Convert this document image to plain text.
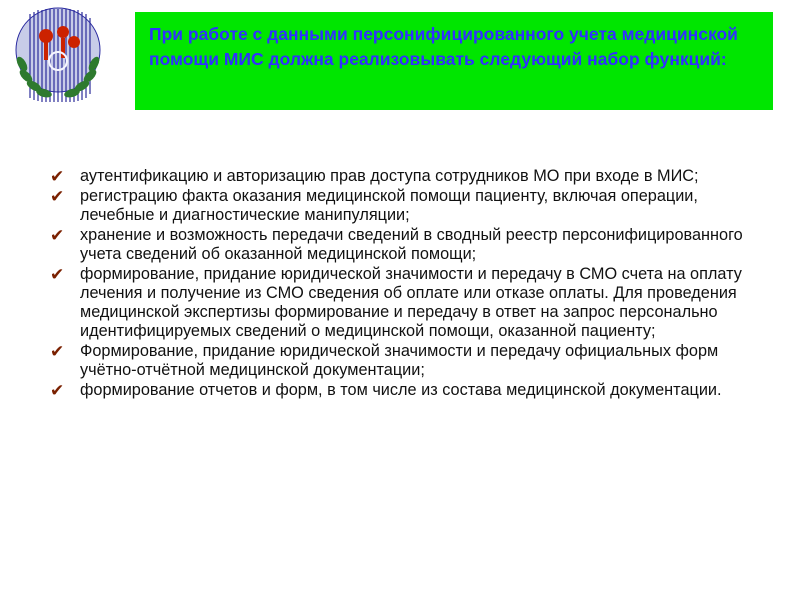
При работе с данными персонифицированного учета медицинской помощи МИС должна реализовывать следующий набор функций:

✔ аутентификацию и авторизацию прав доступа сотрудников МО при входе в МИС;
✔ регистрацию факта оказания медицинской помощи пациенту, включая операции, лечебные и диагностические манипуляции;
✔ хранение и возможность передачи сведений в сводный реестр персонифицированного учета сведений об оказанной медицинской помощи;
✔ формирование, придание юридической значимости и передачу в СМО счета на оплату лечения и получение из СМО сведения об оплате или отказе оплаты. Для проведения медицинской экспертизы формирование и передачу в ответ на запрос персонально идентифицируемых сведений о медицинской помощи, оказанной пациенту;
✔ Формирование, придание юридической значимости и передачу официальных форм учётно-отчётной медицинской документации;
✔ формирование отчетов и форм, в том числе из состава медицинской документации.
